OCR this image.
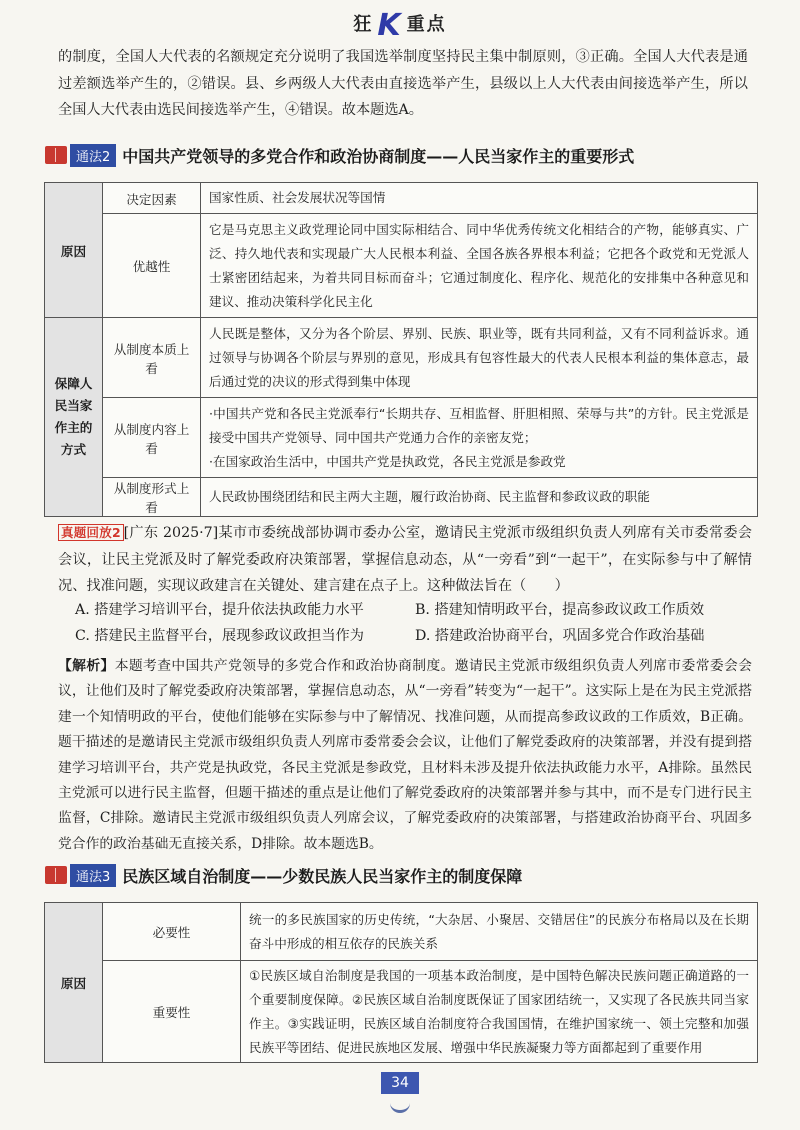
狂 K 重点
的制度，全国人大代表的名额规定充分说明了我国选举制度坚持民主集中制原则，③正确。全国人大代表是通过差额选举产生的，②错误。县、乡两级人大代表由直接选举产生，县级以上人大代表由间接选举产生，所以全国人大代表由选民间接选举产生，④错误。故本题选A。
通法2 中国共产党领导的多党合作和政治协商制度——人民当家作主的重要形式
原因	决定因素	国家性质、社会发展状况等国情
	优越性	它是马克思主义政党理论同中国实际相结合、同中华优秀传统文化相结合的产物，能够真实、广泛、持久地代表和实现最广大人民根本利益、全国各族各界根本利益；它把各个政党和无党派人士紧密团结起来，为着共同目标而奋斗；它通过制度化、程序化、规范化的安排集中各种意见和建议、推动决策科学化民主化
保障人民当家作主的方式	从制度本质上看	人民既是整体，又分为各个阶层、界别、民族、职业等，既有共同利益，又有不同利益诉求。通过领导与协调各个阶层与界别的意见，形成具有包容性最大的代表人民根本利益的集体意志，最后通过党的决议的形式得到集中体现
	从制度内容上看	·中国共产党和各民主党派奉行“长期共存、互相监督、肝胆相照、荣辱与共”的方针。民主党派是接受中国共产党领导、同中国共产党通力合作的亲密友党；
·在国家政治生活中，中国共产党是执政党，各民主党派是参政党

	从制度形式上看	人民政协围绕团结和民主两大主题，履行政治协商、民主监督和参政议政的职能
真题回放2 [广东 2025·7]某市市委统战部协调市委办公室，邀请民主党派市级组织负责人列席有关市委常委会会议，让民主党派及时了解党委政府决策部署，掌握信息动态，从“一旁看”到“一起干”，在实际参与中了解情况、找准问题，实现议政建言在关键处、建言建在点子上。这种做法旨在（　　）
A. 搭建学习培训平台，提升依法执政能力水平	B. 搭建知情明政平台，提高参政议政工作质效
C. 搭建民主监督平台，展现参政议政担当作为	D. 搭建政治协商平台，巩固多党合作政治基础
【解析】本题考查中国共产党领导的多党合作和政治协商制度。邀请民主党派市级组织负责人列席市委常委会会议，让他们及时了解党委政府决策部署，掌握信息动态，从“一旁看”转变为“一起干”。这实际上是在为民主党派搭建一个知情明政的平台，使他们能够在实际参与中了解情况、找准问题，从而提高参政议政的工作质效，B正确。题干描述的是邀请民主党派市级组织负责人列席市委常委会会议，让他们了解党委政府的决策部署，并没有提到搭建学习培训平台，共产党是执政党，各民主党派是参政党，且材料未涉及提升依法执政能力水平，A排除。虽然民主党派可以进行民主监督，但题干描述的重点是让他们了解党委政府的决策部署并参与其中，而不是专门进行民主监督，C排除。邀请民主党派市级组织负责人列席会议，了解党委政府的决策部署，与搭建政治协商平台、巩固多党合作的政治基础无直接关系，D排除。故本题选B。
通法3 民族区域自治制度——少数民族人民当家作主的制度保障
原因	必要性	统一的多民族国家的历史传统，“大杂居、小聚居、交错居住”的民族分布格局以及在长期奋斗中形成的相互依存的民族关系
	重要性	①民族区域自治制度是我国的一项基本政治制度，是中国特色解决民族问题正确道路的一个重要制度保障。②民族区域自治制度既保证了国家团结统一，又实现了各民族共同当家作主。③实践证明，民族区域自治制度符合我国国情，在维护国家统一、领土完整和加强民族平等团结、促进民族地区发展、增强中华民族凝聚力等方面都起到了重要作用
34
